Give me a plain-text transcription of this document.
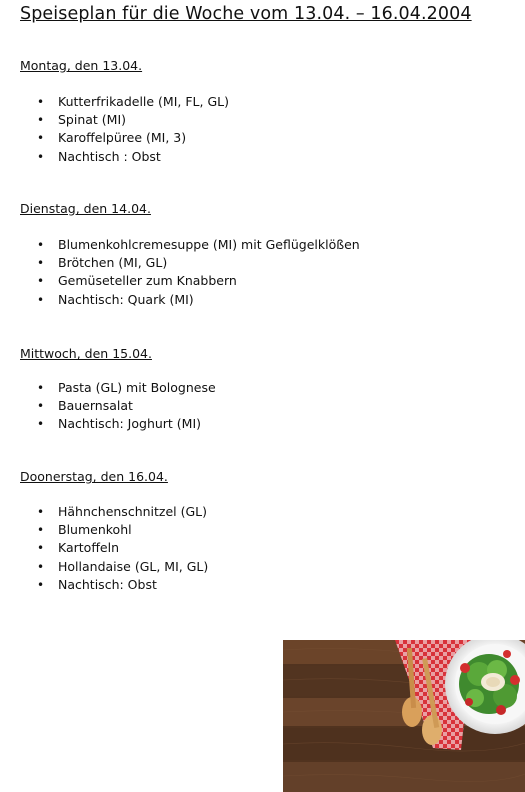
Speiseplan für die Woche vom 13.04. – 16.04.2004
Montag, den 13.04.
• Kutterfrikadelle (MI, FL, GL)
• Spinat (MI)
• Karoffelpüree (MI, 3)
• Nachtisch : Obst
Dienstag, den 14.04.
• Blumenkohlcremesuppe (MI) mit Geflügelklößen
• Brötchen (MI, GL)
• Gemüseteller zum Knabbern
• Nachtisch: Quark (MI)
Mittwoch, den 15.04.
• Pasta (GL) mit Bolognese
• Bauernsalat
• Nachtisch: Joghurt (MI)
Doonerstag, den 16.04.
• Hähnchenschnitzel (GL)
• Blumenkohl
• Kartoffeln
• Hollandaise (GL, MI, GL)
• Nachtisch: Obst
